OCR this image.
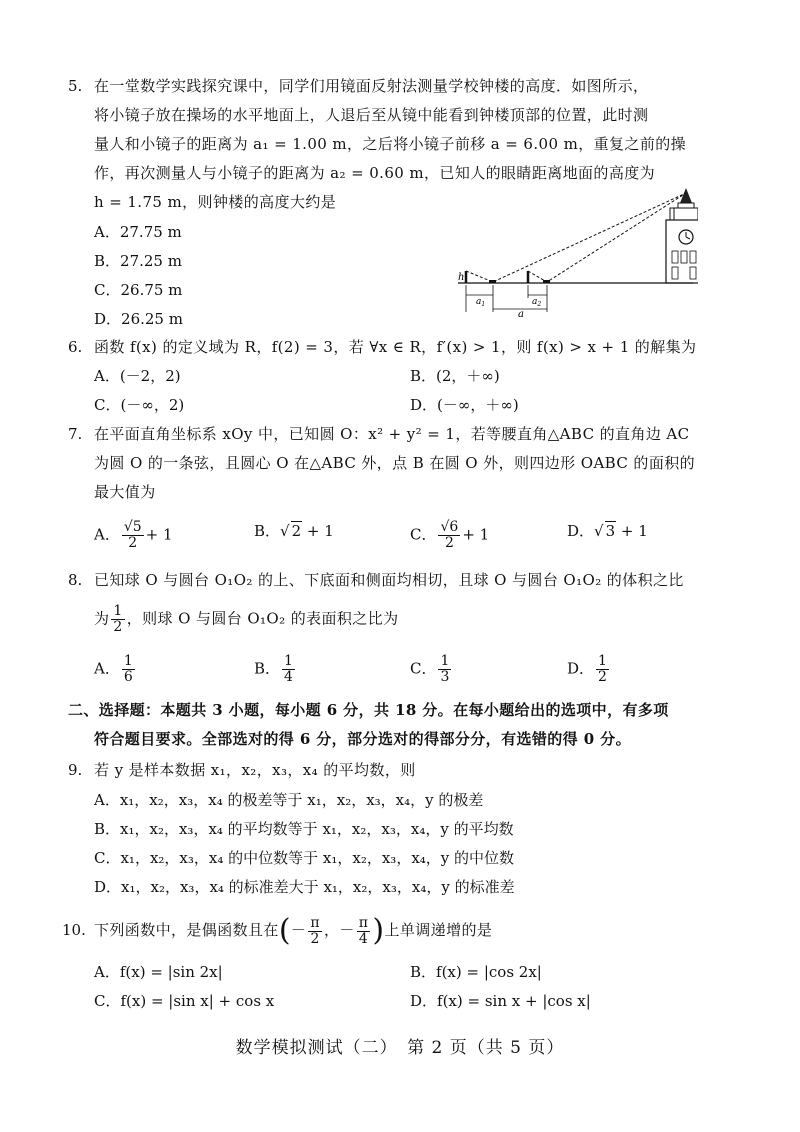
5. 在一堂数学实践探究课中，同学们用镜面反射法测量学校钟楼的高度．如图所示，
将小镜子放在操场的水平地面上，人退后至从镜中能看到钟楼顶部的位置，此时测
量人和小镜子的距离为 a₁ = 1.00 m，之后将小镜子前移 a = 6.00 m，重复之前的操
作，再次测量人与小镜子的距离为 a₂ = 0.60 m，已知人的眼睛距离地面的高度为
h = 1.75 m，则钟楼的高度大约是
A．27.75 m
B．27.25 m
C．26.75 m
D．26.25 m
h
$a_1$	$a_2$
a
6. 函数 f(x) 的定义域为 R，f(2) = 3，若 ∀x ∈ R，f′(x) > 1，则 f(x) > x + 1 的解集为
A．(－2，2)	B．(2，＋∞)
C．(－∞，2)	D．(－∞，＋∞)
7. 在平面直角坐标系 xOy 中，已知圆 O：x² + y² = 1，若等腰直角△ABC 的直角边 AC
为圆 O 的一条弦，且圆心 O 在△ABC 外，点 B 在圆 O 外，则四边形 OABC 的面积的
最大值为
A． $\frac{√5}{2} + 1$	B．√ 2 + 1	C． $\frac{√6}{2} + 1$	D．√ 3 + 1
8. 已知球 O 与圆台 O₁O₂ 的上、下底面和侧面均相切，且球 O 与圆台 O₁O₂ 的体积之比
为 $\frac{1}{2}$ ，则球 O 与圆台 O₁O₂ 的表面积之比为
A． $\frac{1}{6}$	B． $\frac{1}{4}$	C． $\frac{1}{3}$	D． $\frac{1}{2}$
二、选择题：本题共 3 小题，每小题 6 分，共 18 分。在每小题给出的选项中，有多项
符合题目要求。全部选对的得 6 分，部分选对的得部分分，有选错的得 0 分。
9. 若 y 是样本数据 x₁，x₂，x₃，x₄ 的平均数，则
A．x₁，x₂，x₃，x₄ 的极差等于 x₁，x₂，x₃，x₄，y 的极差
B．x₁，x₂，x₃，x₄ 的平均数等于 x₁，x₂，x₃，x₄，y 的平均数
C．x₁，x₂，x₃，x₄ 的中位数等于 x₁，x₂，x₃，x₄，y 的中位数
D．x₁，x₂，x₃，x₄ 的标准差大于 x₁，x₂，x₃，x₄，y 的标准差
10. 下列函数中，是偶函数且在(－ $\frac{\pi}{2}$ ，－ $\frac{\pi}{4}$ )上单调递增的是
A．f(x) = |sin 2x|	B．f(x) = |cos 2x|
C．f(x) = |sin x| + cos x	D．f(x) = sin x + |cos x|
数学模拟测试（二）　第 2 页（共 5 页）
